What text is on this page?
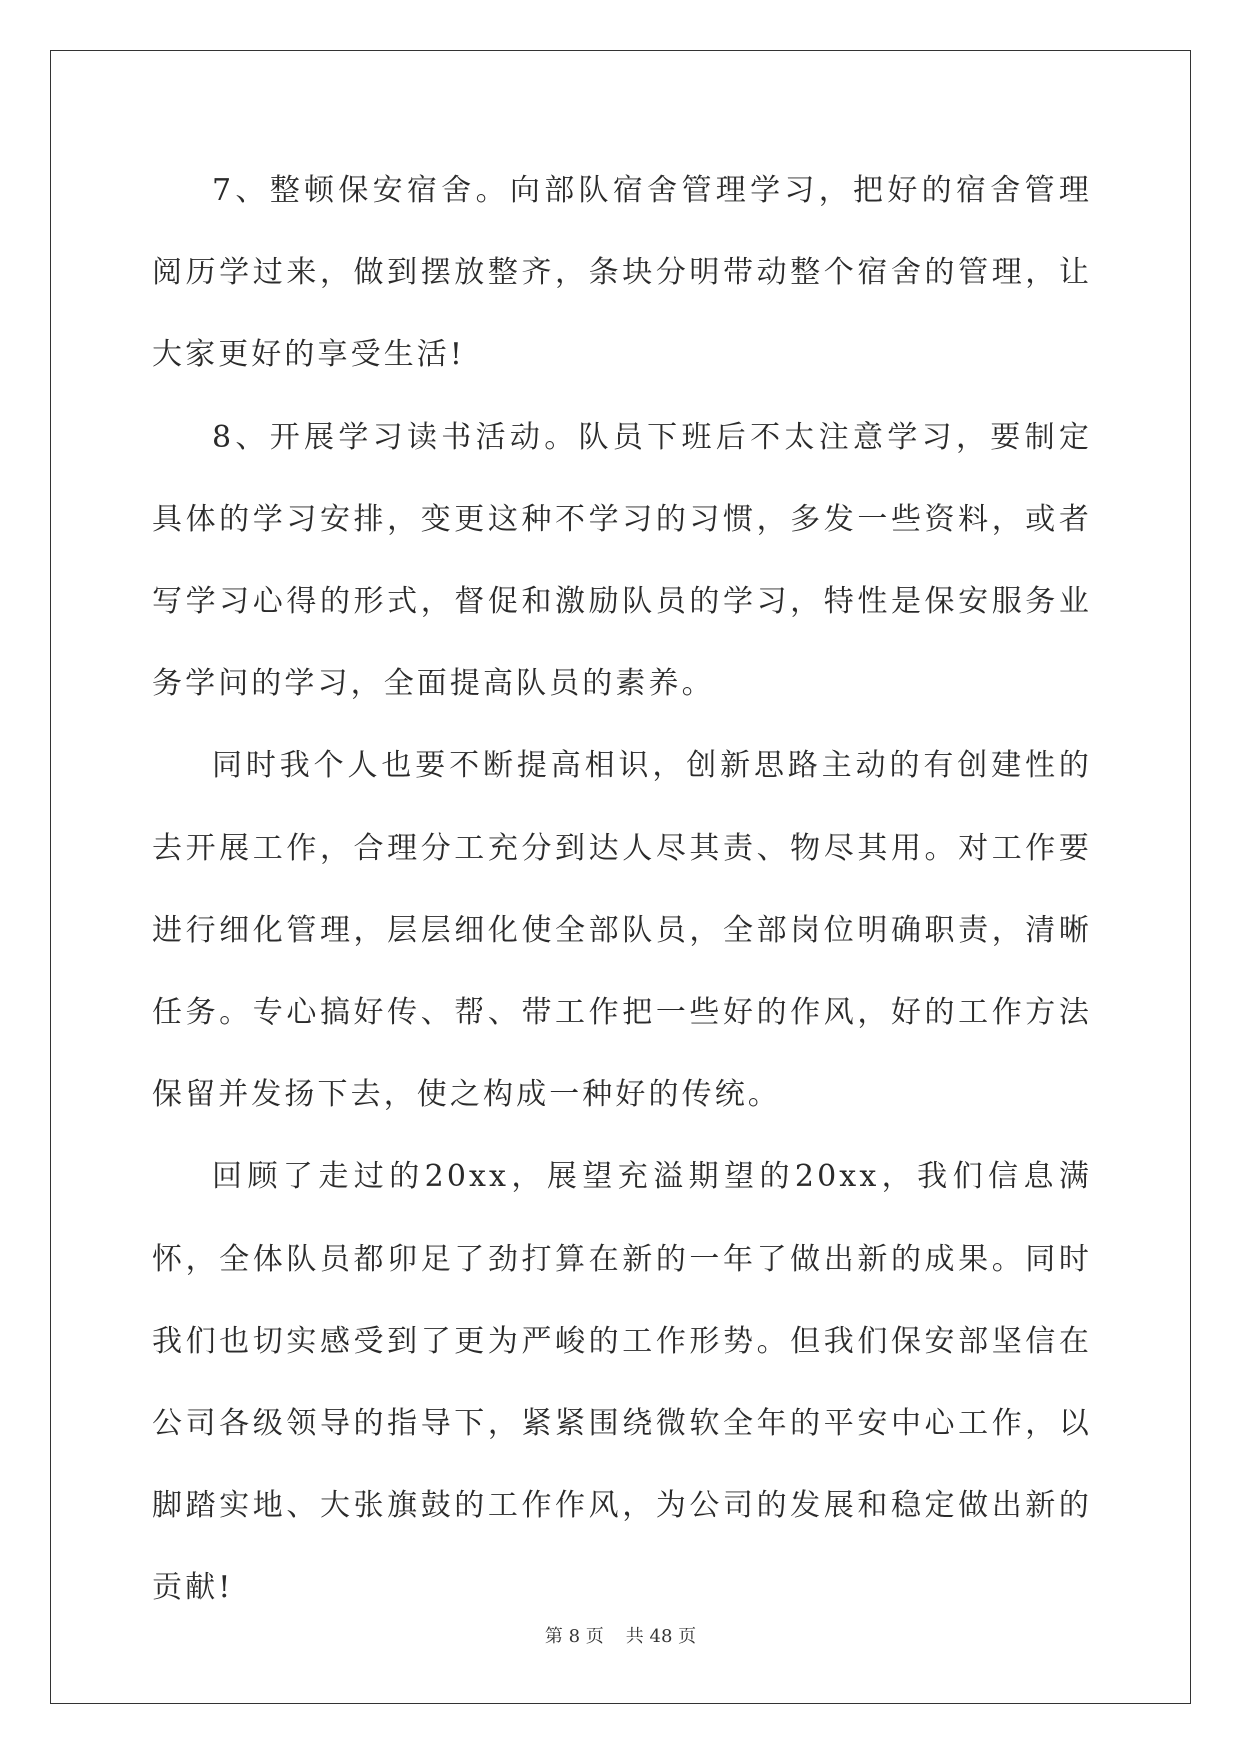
7、整顿保安宿舍。向部队宿舍管理学习，把好的宿舍管理阅历学过来，做到摆放整齐，条块分明带动整个宿舍的管理，让大家更好的享受生活!

8、开展学习读书活动。队员下班后不太注意学习，要制定具体的学习安排，变更这种不学习的习惯，多发一些资料，或者写学习心得的形式，督促和激励队员的学习，特性是保安服务业务学问的学习，全面提高队员的素养。

同时我个人也要不断提高相识，创新思路主动的有创建性的去开展工作，合理分工充分到达人尽其责、物尽其用。对工作要进行细化管理，层层细化使全部队员，全部岗位明确职责，清晰任务。专心搞好传、帮、带工作把一些好的作风，好的工作方法保留并发扬下去，使之构成一种好的传统。

回顾了走过的20xx，展望充溢期望的20xx，我们信息满怀，全体队员都卯足了劲打算在新的一年了做出新的成果。同时我们也切实感受到了更为严峻的工作形势。但我们保安部坚信在公司各级领导的指导下，紧紧围绕微软全年的平安中心工作，以脚踏实地、大张旗鼓的工作作风，为公司的发展和稳定做出新的贡献!

第 8 页 共 48 页
